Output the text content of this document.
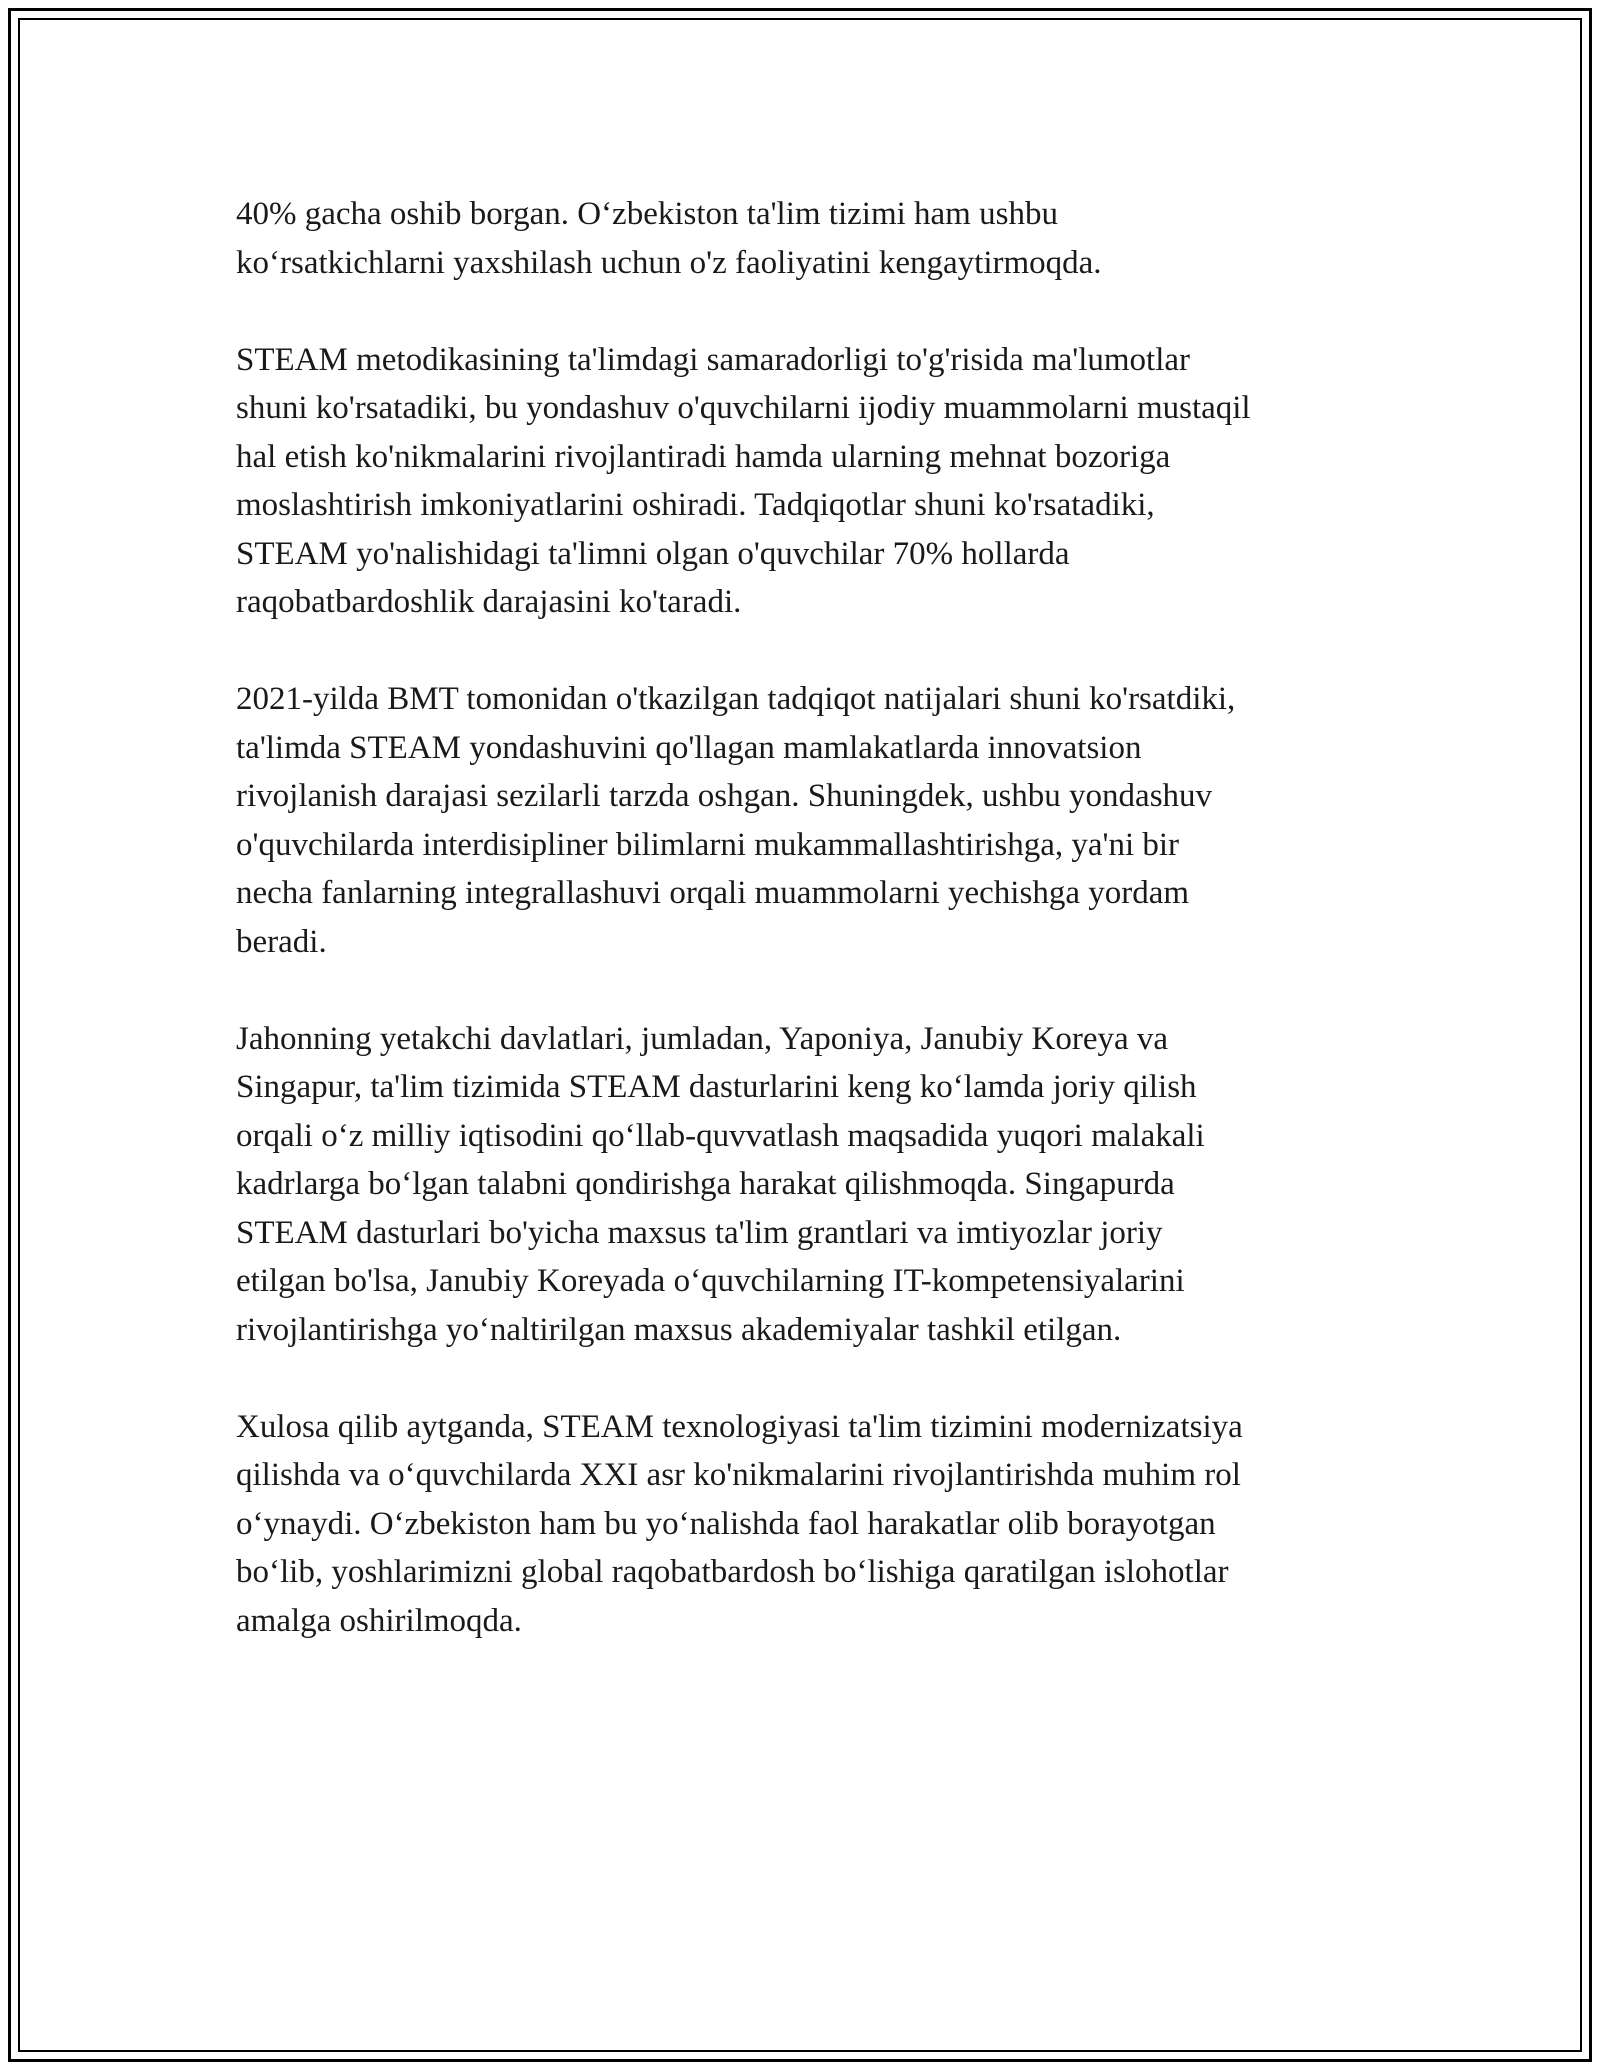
40% gacha oshib borgan. Oʻzbekiston ta'lim tizimi ham ushbu
koʻrsatkichlarni yaxshilash uchun o'z faoliyatini kengaytirmoqda.

STEAM metodikasining ta'limdagi samaradorligi to'g'risida ma'lumotlar
shuni ko'rsatadiki, bu yondashuv o'quvchilarni ijodiy muammolarni mustaqil
hal etish ko'nikmalarini rivojlantiradi hamda ularning mehnat bozoriga
moslashtirish imkoniyatlarini oshiradi. Tadqiqotlar shuni ko'rsatadiki,
STEAM yo'nalishidagi ta'limni olgan o'quvchilar 70% hollarda
raqobatbardoshlik darajasini ko'taradi.

2021-yilda BMT tomonidan o'tkazilgan tadqiqot natijalari shuni ko'rsatdiki,
ta'limda STEAM yondashuvini qo'llagan mamlakatlarda innovatsion
rivojlanish darajasi sezilarli tarzda oshgan. Shuningdek, ushbu yondashuv
o'quvchilarda interdisipliner bilimlarni mukammallashtirishga, ya'ni bir
necha fanlarning integrallashuvi orqali muammolarni yechishga yordam
beradi.

Jahonning yetakchi davlatlari, jumladan, Yaponiya, Janubiy Koreya va
Singapur, ta'lim tizimida STEAM dasturlarini keng koʻlamda joriy qilish
orqali oʻz milliy iqtisodini qoʻllab-quvvatlash maqsadida yuqori malakali
kadrlarga boʻlgan talabni qondirishga harakat qilishmoqda. Singapurda
STEAM dasturlari bo'yicha maxsus ta'lim grantlari va imtiyozlar joriy
etilgan bo'lsa, Janubiy Koreyada oʻquvchilarning IT-kompetensiyalarini
rivojlantirishga yoʻnaltirilgan maxsus akademiyalar tashkil etilgan.

Xulosa qilib aytganda, STEAM texnologiyasi ta'lim tizimini modernizatsiya
qilishda va oʻquvchilarda XXI asr ko'nikmalarini rivojlantirishda muhim rol
oʻynaydi. Oʻzbekiston ham bu yoʻnalishda faol harakatlar olib borayotgan
boʻlib, yoshlarimizni global raqobatbardosh boʻlishiga qaratilgan islohotlar
amalga oshirilmoqda.
